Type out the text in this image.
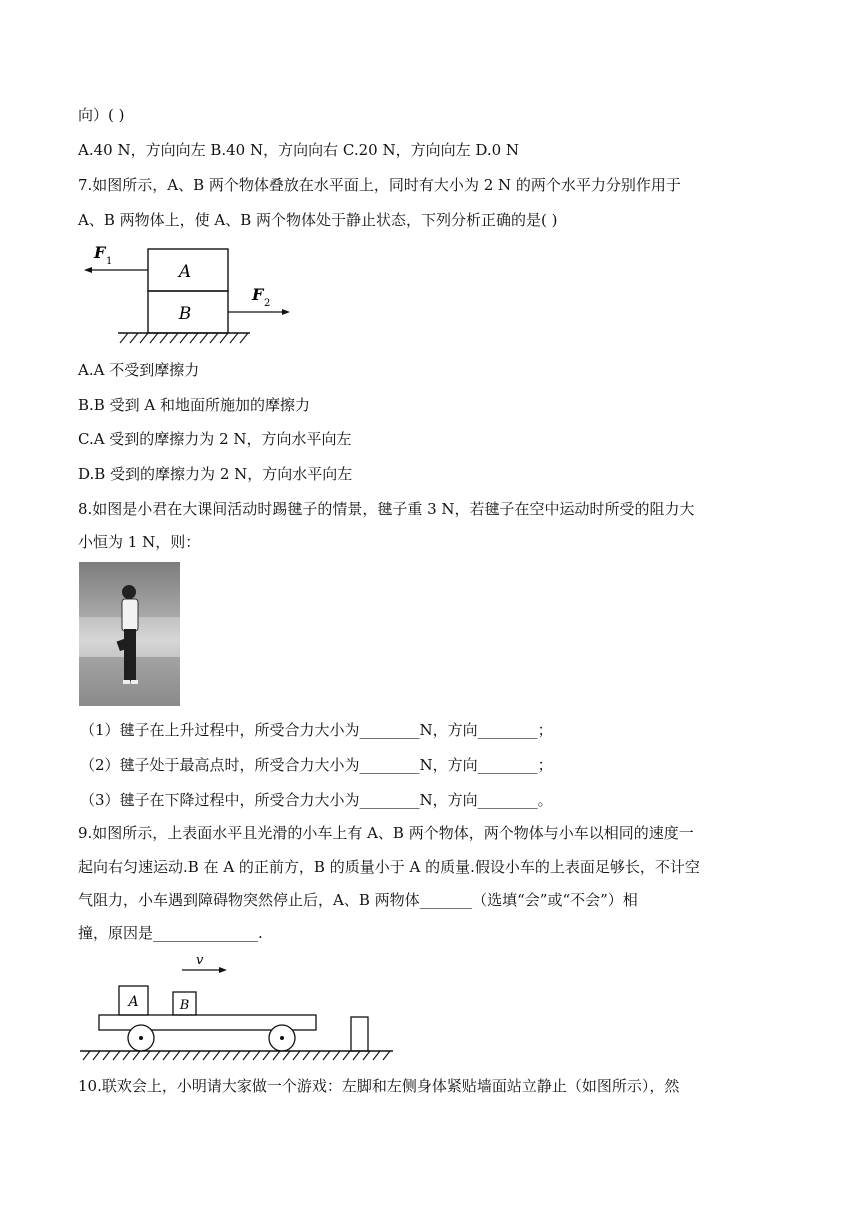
向）( )
A.40 N，方向向左 B.40 N，方向向右 C.20 N，方向向左 D.0 N
7.如图所示，A、B 两个物体叠放在水平面上，同时有大小为 2 N 的两个水平力分别作用于
A、B 两物体上，使 A、B 两个物体处于静止状态，下列分析正确的是( )
A
B
F 1
F 2
A.A 不受到摩擦力
B.B 受到 A 和地面所施加的摩擦力
C.A 受到的摩擦力为 2 N，方向水平向左
D.B 受到的摩擦力为 2 N，方向水平向左
8.如图是小君在大课间活动时踢毽子的情景，毽子重 3 N，若毽子在空中运动时所受的阻力大
小恒为 1 N，则：
（1）毽子在上升过程中，所受合力大小为________N，方向________；
（2）毽子处于最高点时，所受合力大小为________N，方向________；
（3）毽子在下降过程中，所受合力大小为________N，方向________。
9.如图所示，上表面水平且光滑的小车上有 A、B 两个物体，两个物体与小车以相同的速度一
起向右匀速运动.B 在 A 的正前方，B 的质量小于 A 的质量.假设小车的上表面足够长，不计空
气阻力，小车遇到障碍物突然停止后，A、B 两物体_______（选填“会”或“不会”）相
撞，原因是______________.
v
A	B
10.联欢会上，小明请大家做一个游戏：左脚和左侧身体紧贴墙面站立静止（如图所示），然
